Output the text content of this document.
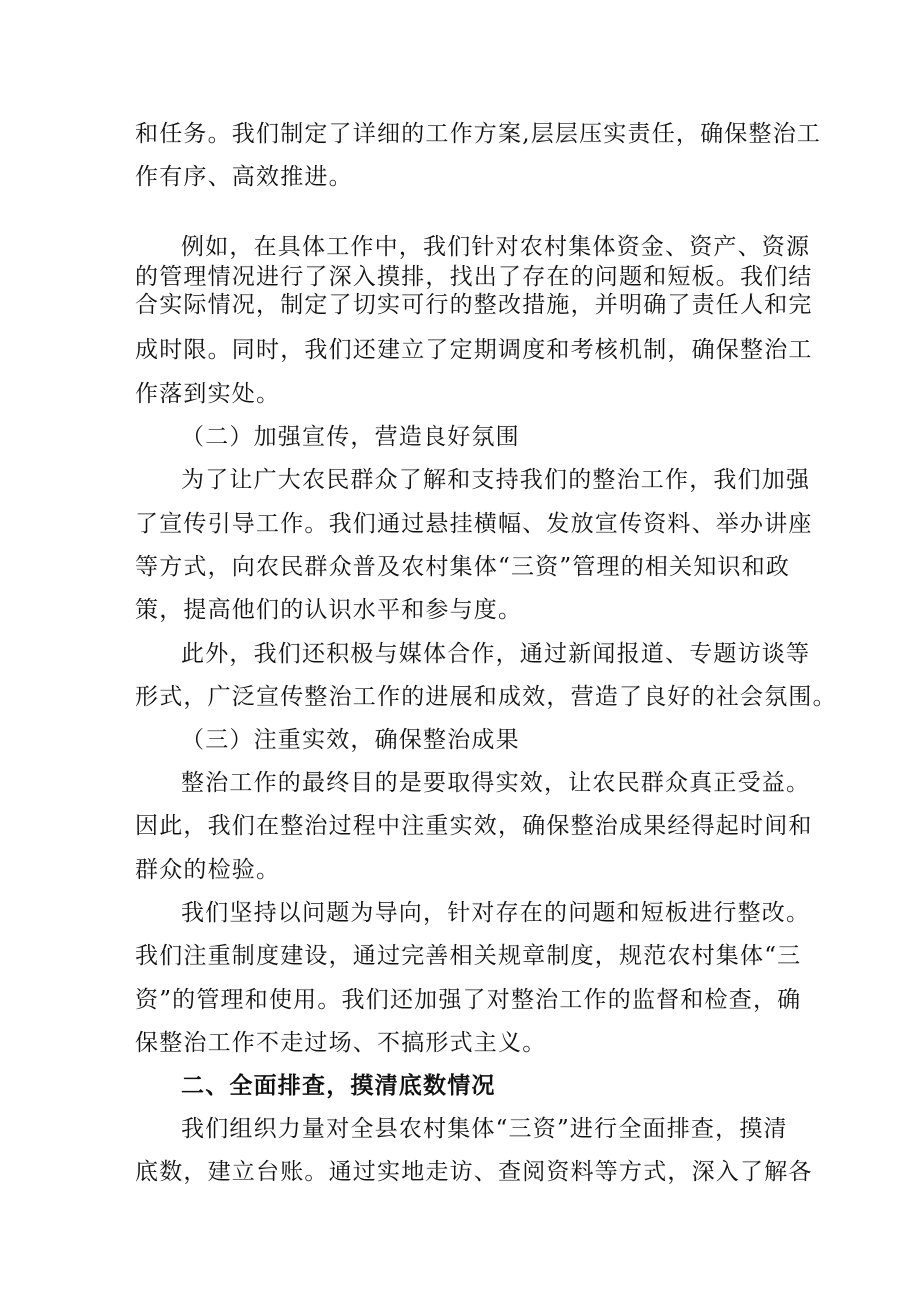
和任务。我们制定了详细的工作方案,层层压实责任，确保整治工
作有序、高效推进。
例如，在具体工作中，我们针对农村集体资金、资产、资源
的管理情况进行了深入摸排，找出了存在的问题和短板。我们结
合实际情况，制定了切实可行的整改措施，并明确了责任人和完
成时限。同时，我们还建立了定期调度和考核机制，确保整治工
作落到实处。
（二）加强宣传，营造良好氛围
为了让广大农民群众了解和支持我们的整治工作，我们加强
了宣传引导工作。我们通过悬挂横幅、发放宣传资料、举办讲座
等方式，向农民群众普及农村集体“三资”管理的相关知识和政
策，提高他们的认识水平和参与度。
此外，我们还积极与媒体合作，通过新闻报道、专题访谈等
形式，广泛宣传整治工作的进展和成效，营造了良好的社会氛围。
（三）注重实效，确保整治成果
整治工作的最终目的是要取得实效，让农民群众真正受益。
因此，我们在整治过程中注重实效，确保整治成果经得起时间和
群众的检验。
我们坚持以问题为导向，针对存在的问题和短板进行整改。
我们注重制度建设，通过完善相关规章制度，规范农村集体“三
资”的管理和使用。我们还加强了对整治工作的监督和检查，确
保整治工作不走过场、不搞形式主义。
二、全面排查，摸清底数情况
我们组织力量对全县农村集体“三资”进行全面排查，摸清
底数，建立台账。通过实地走访、查阅资料等方式，深入了解各
